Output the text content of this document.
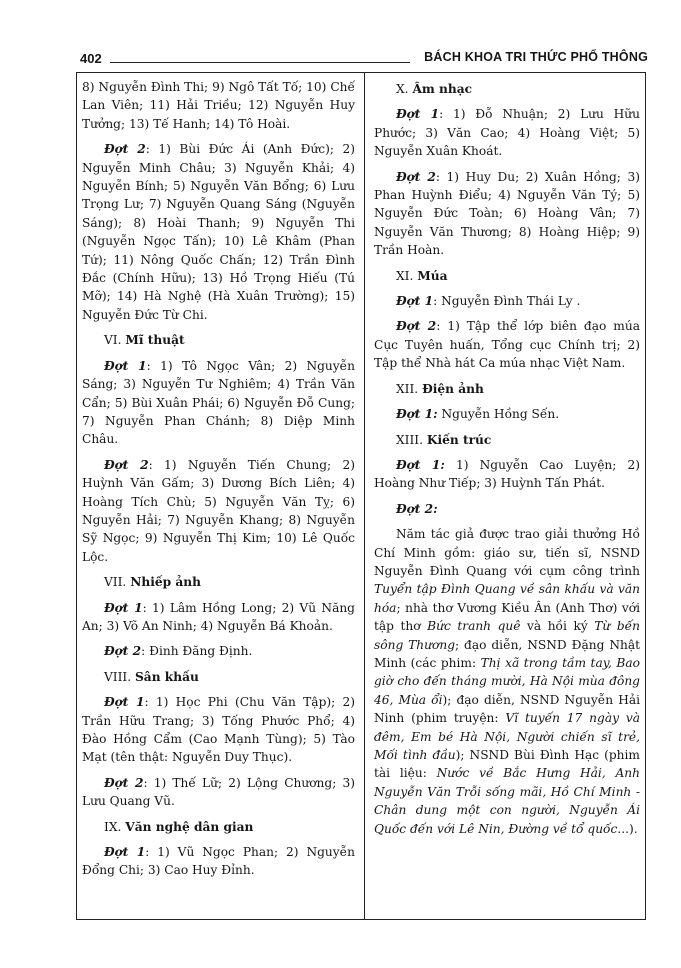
402	BÁCH KHOA TRI THỨC PHỔ THÔNG

8) Nguyễn Đình Thi; 9) Ngô Tất Tố; 10) Chế Lan Viên; 11) Hải Triều; 12) Nguyễn Huy Tưởng; 13) Tế Hanh; 14) Tô Hoài.

Đợt 2: 1) Bùi Đức Ái (Anh Đức); 2) Nguyễn Minh Châu; 3) Nguyễn Khải; 4) Nguyễn Bính; 5) Nguyễn Văn Bổng; 6) Lưu Trọng Lư; 7) Nguyễn Quang Sáng (Nguyễn Sáng); 8) Hoài Thanh; 9) Nguyễn Thi (Nguyễn Ngọc Tấn); 10) Lê Khâm (Phan Tứ); 11) Nông Quốc Chấn; 12) Trần Đình Đắc (Chính Hữu); 13) Hồ Trọng Hiếu (Tú Mỡ); 14) Hà Nghệ (Hà Xuân Trường); 15) Nguyễn Đức Từ Chi.

VI. Mĩ thuật

Đợt 1: 1) Tô Ngọc Vân; 2) Nguyễn Sáng; 3) Nguyễn Tư Nghiêm; 4) Trần Văn Cẩn; 5) Bùi Xuân Phái; 6) Nguyễn Đỗ Cung; 7) Nguyễn Phan Chánh; 8) Diệp Minh Châu.

Đợt 2: 1) Nguyễn Tiến Chung; 2) Huỳnh Văn Gấm; 3) Dương Bích Liên; 4) Hoàng Tích Chù; 5) Nguyễn Văn Tỵ; 6) Nguyễn Hải; 7) Nguyễn Khang; 8) Nguyễn Sỹ Ngọc; 9) Nguyễn Thị Kim; 10) Lê Quốc Lộc.

VII. Nhiếp ảnh

Đợt 1: 1) Lâm Hồng Long; 2) Vũ Năng An; 3) Võ An Ninh; 4) Nguyễn Bá Khoản.

Đợt 2: Đinh Đăng Định.

VIII. Sân khấu

Đợt 1: 1) Học Phi (Chu Văn Tập); 2) Trần Hữu Trang; 3) Tống Phước Phổ; 4) Đào Hồng Cẩm (Cao Mạnh Tùng); 5) Tào Mạt (tên thật: Nguyễn Duy Thục).

Đợt 2: 1) Thế Lữ; 2) Lộng Chương; 3) Lưu Quang Vũ.

IX. Văn nghệ dân gian

Đợt 1: 1) Vũ Ngọc Phan; 2) Nguyễn Đổng Chi; 3) Cao Huy Đỉnh.

X. Âm nhạc

Đợt 1: 1) Đỗ Nhuận; 2) Lưu Hữu Phước; 3) Văn Cao; 4) Hoàng Việt; 5) Nguyễn Xuân Khoát.

Đợt 2: 1) Huy Du; 2) Xuân Hồng; 3) Phan Huỳnh Điểu; 4) Nguyễn Văn Tý; 5) Nguyễn Đức Toàn; 6) Hoàng Vân; 7) Nguyễn Văn Thương; 8) Hoàng Hiệp; 9) Trần Hoàn.

XI. Múa

Đợt 1: Nguyễn Đình Thái Ly .

Đợt 2: 1) Tập thể lớp biên đạo múa Cục Tuyên huấn, Tổng cục Chính trị; 2) Tập thể Nhà hát Ca múa nhạc Việt Nam.

XII. Điện ảnh

Đợt 1: Nguyễn Hồng Sến.

XIII. Kiến trúc

Đợt 1: 1) Nguyễn Cao Luyện; 2) Hoàng Như Tiếp; 3) Huỳnh Tấn Phát.

Đợt 2:

Năm tác giả được trao giải thưởng Hồ Chí Minh gồm: giáo sư, tiến sĩ, NSND Nguyễn Đình Quang với cụm công trình Tuyển tập Đình Quang về sân khấu và văn hóa; nhà thơ Vương Kiều Ân (Anh Thơ) với tập thơ Bức tranh quê và hồi ký Từ bến sông Thương; đạo diễn, NSND Đặng Nhật Minh (các phim: Thị xã trong tầm tay, Bao giờ cho đến tháng mười, Hà Nội mùa đông 46, Mùa ổi); đạo diễn, NSND Nguyễn Hải Ninh (phim truyện: Vĩ tuyến 17 ngày và đêm, Em bé Hà Nội, Người chiến sĩ trẻ, Mối tình đầu); NSND Bùi Đình Hạc (phim tài liệu: Nước về Bắc Hưng Hải, Anh Nguyễn Văn Trỗi sống mãi, Hồ Chí Minh - Chân dung một con người, Nguyễn Ái Quốc đến với Lê Nin, Đường về tổ quốc...).
